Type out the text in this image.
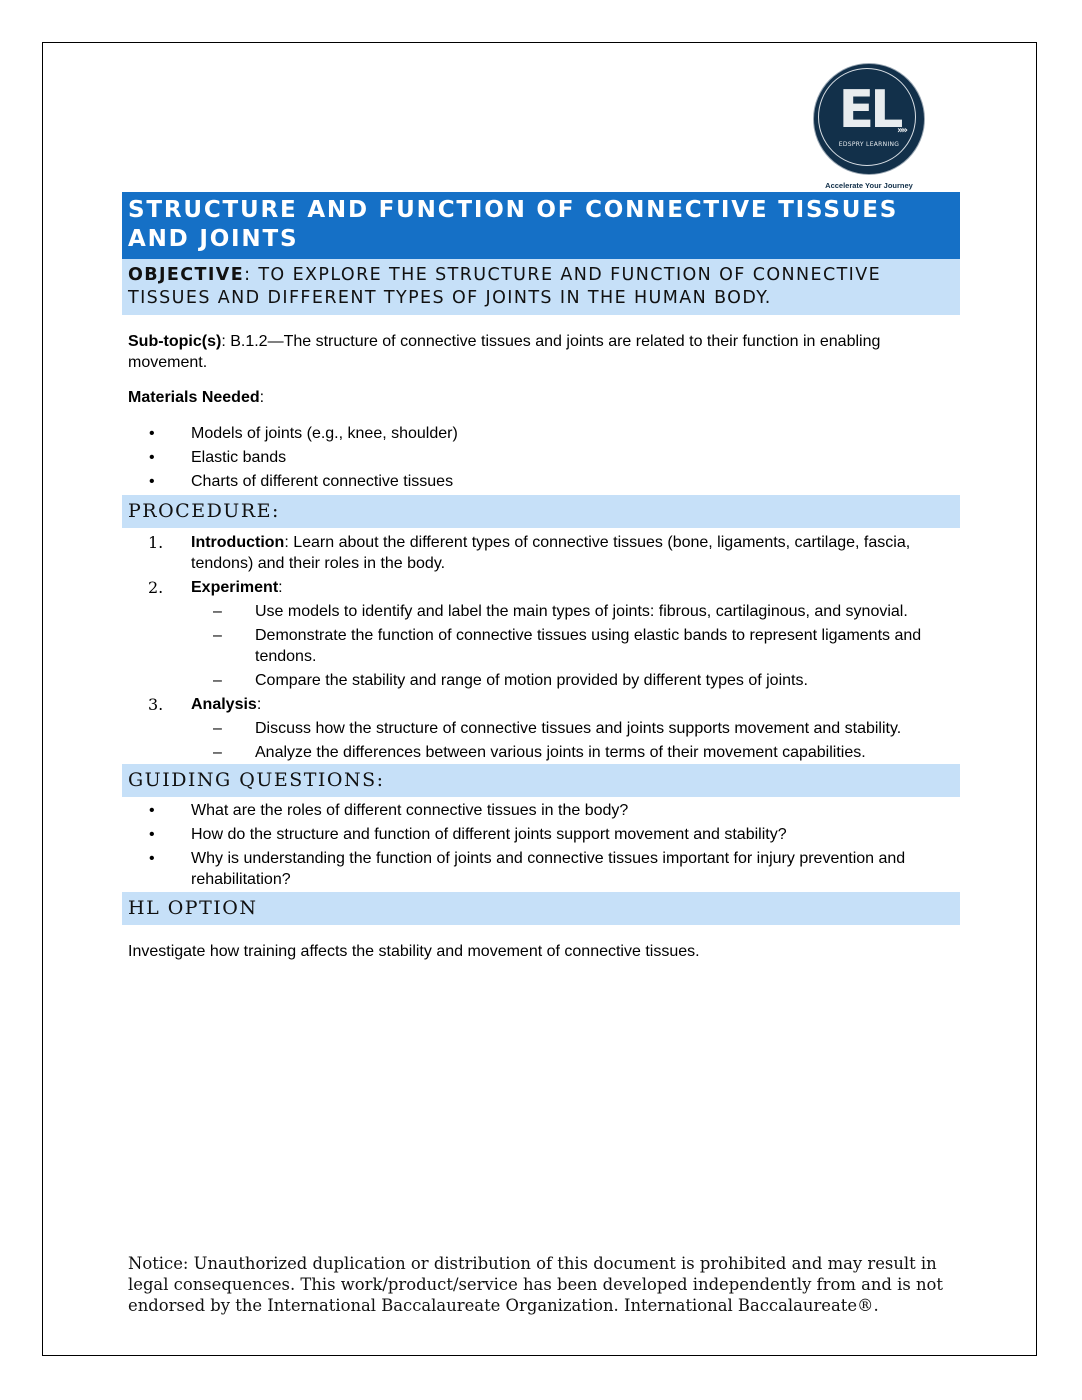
EL
»»
EDSPRY LEARNING
Accelerate Your Journey
STRUCTURE AND FUNCTION OF CONNECTIVE TISSUES AND JOINTS
OBJECTIVE: TO EXPLORE THE STRUCTURE AND FUNCTION OF CONNECTIVE TISSUES AND DIFFERENT TYPES OF JOINTS IN THE HUMAN BODY.
Sub-topic(s): B.1.2—The structure of connective tissues and joints are related to their function in enabling movement.
Materials Needed:
• Models of joints (e.g., knee, shoulder)
• Elastic bands
• Charts of different connective tissues
PROCEDURE:
1. Introduction: Learn about the different types of connective tissues (bone, ligaments, cartilage, fascia, tendons) and their roles in the body.
2. Experiment:
– Use models to identify and label the main types of joints: fibrous, cartilaginous, and synovial.
– Demonstrate the function of connective tissues using elastic bands to represent ligaments and tendons.
– Compare the stability and range of motion provided by different types of joints.
3. Analysis:
– Discuss how the structure of connective tissues and joints supports movement and stability.
– Analyze the differences between various joints in terms of their movement capabilities.
GUIDING QUESTIONS:
• What are the roles of different connective tissues in the body?
• How do the structure and function of different joints support movement and stability?
• Why is understanding the function of joints and connective tissues important for injury prevention and rehabilitation?
HL OPTION
Investigate how training affects the stability and movement of connective tissues.
Notice: Unauthorized duplication or distribution of this document is prohibited and may result in legal consequences. This work/product/service has been developed independently from and is not endorsed by the International Baccalaureate Organization. International Baccalaureate®.
